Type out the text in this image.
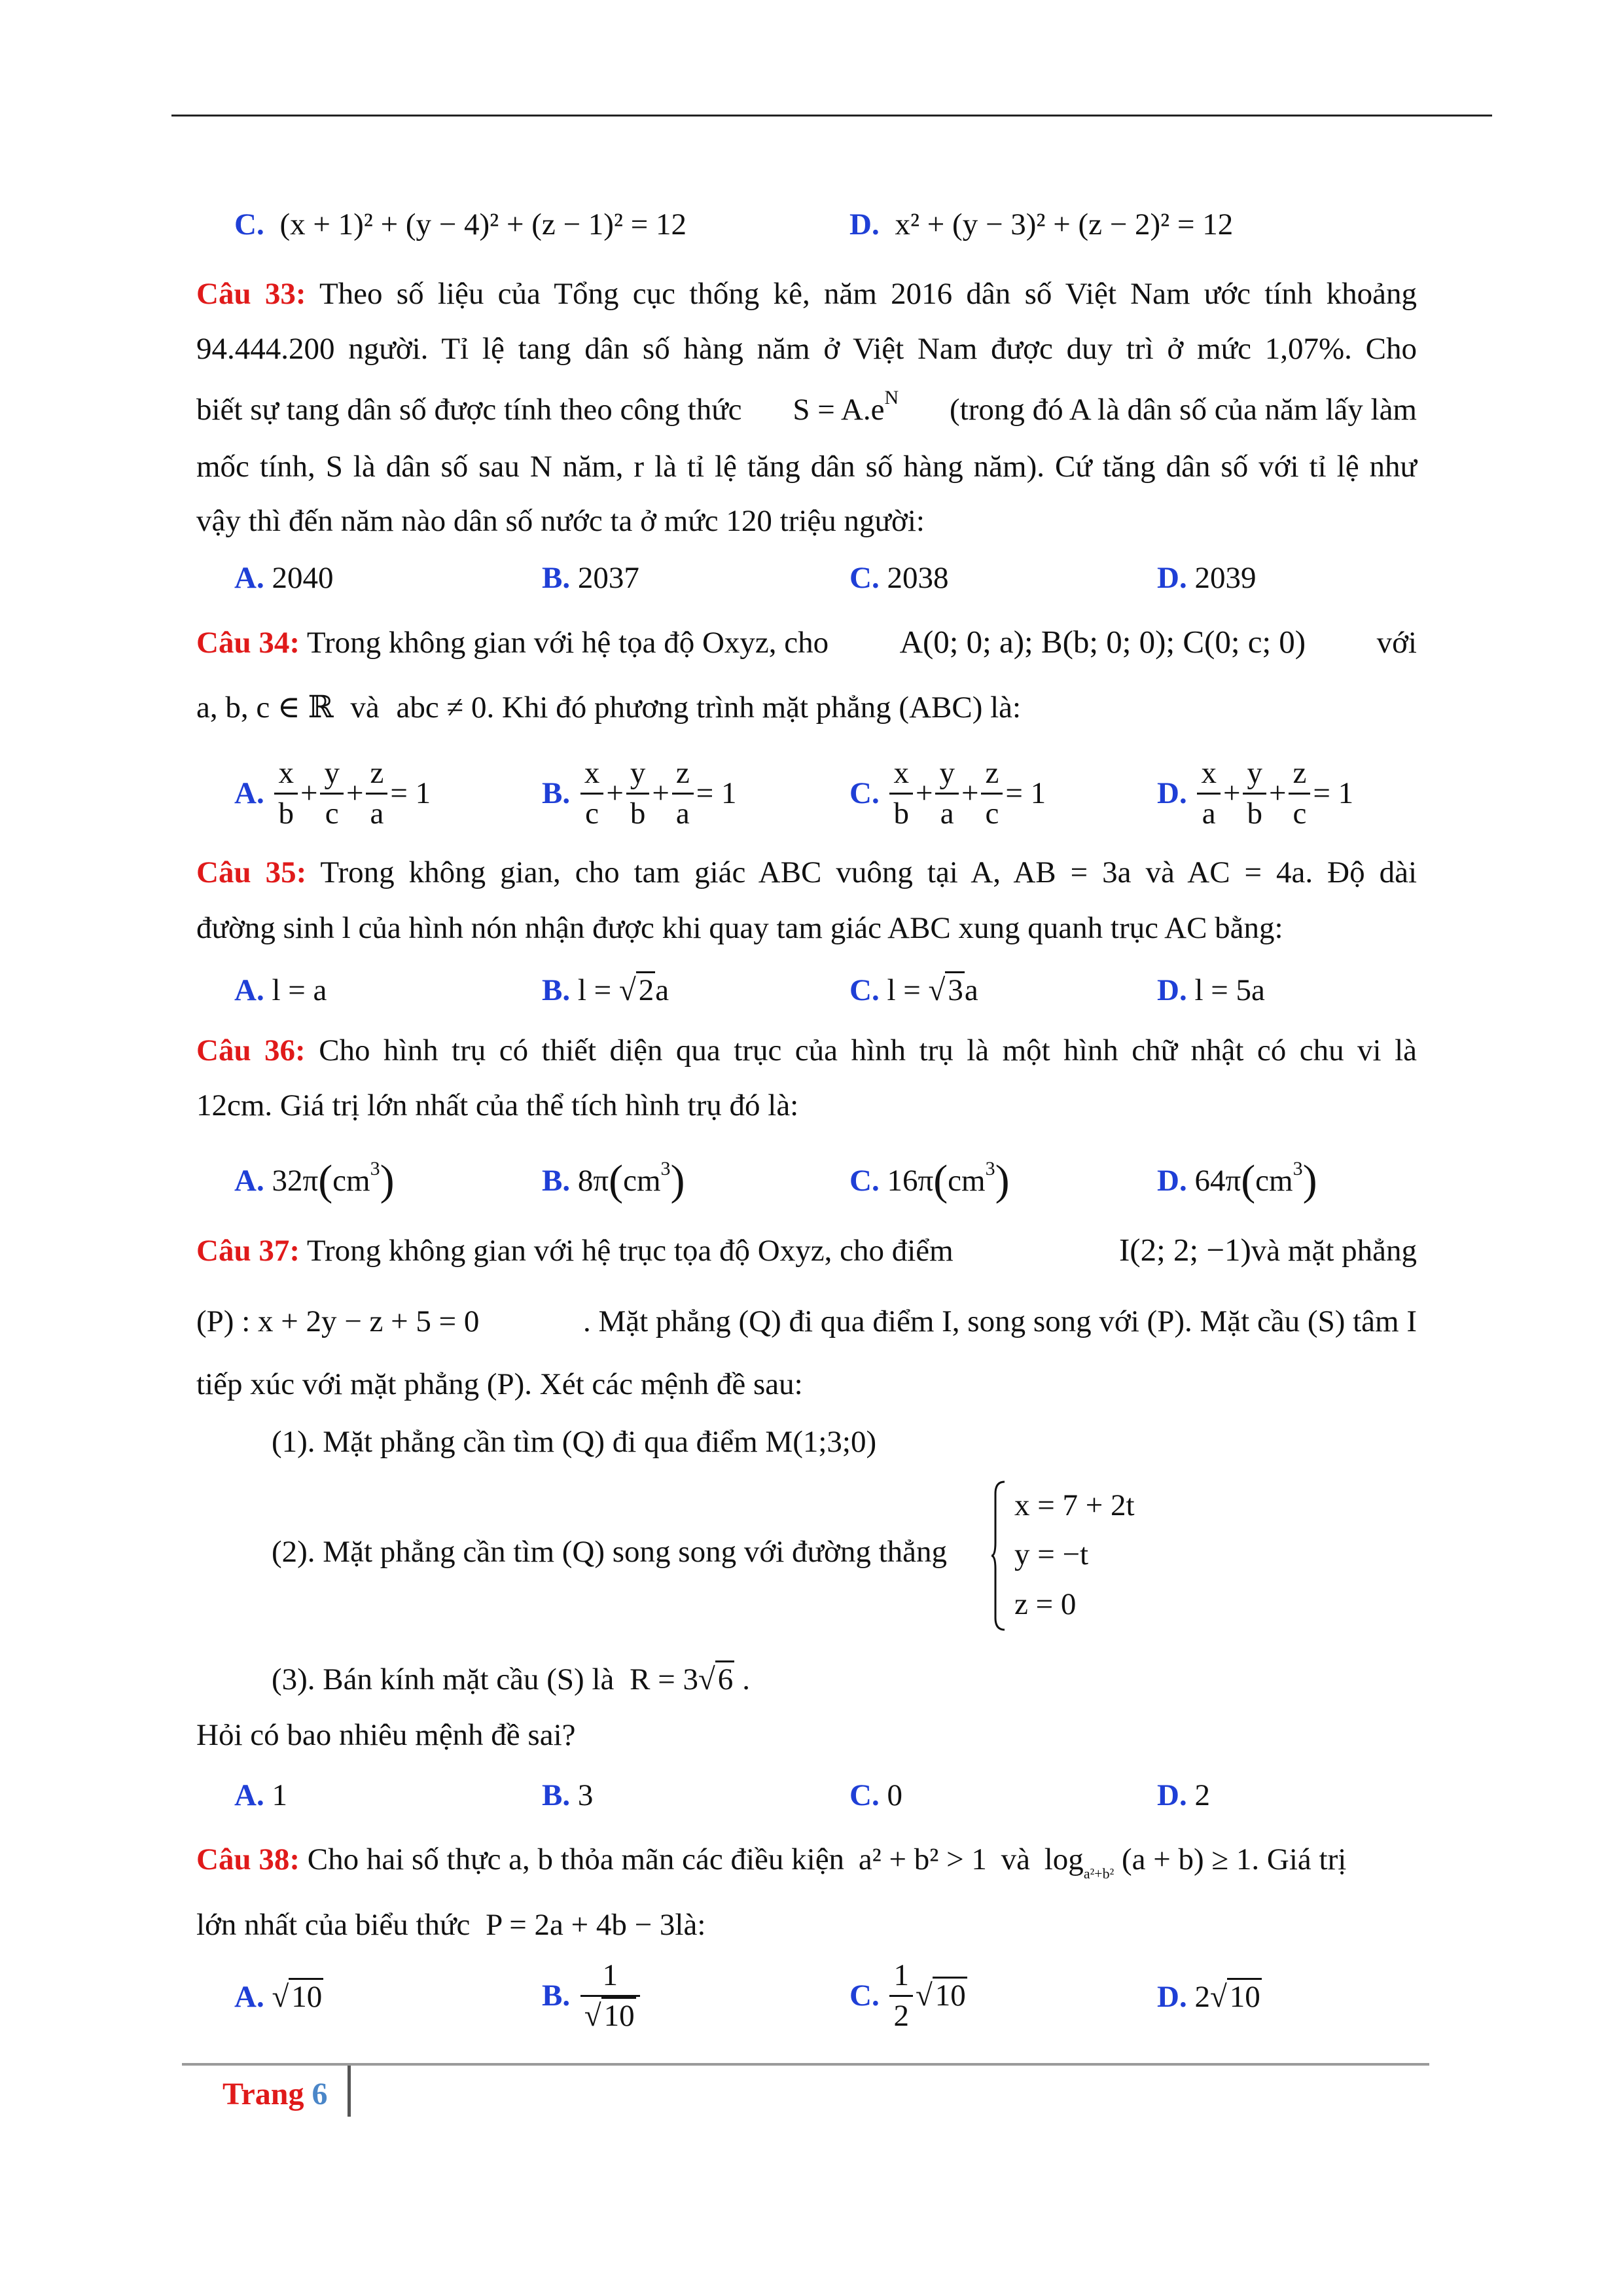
C. (x + 1)² + (y − 4)² + (z − 1)² = 12	D. x² + (y − 3)² + (z − 2)² = 12
Câu 33: Theo số liệu của Tổng cục thống kê, năm 2016 dân số Việt Nam ước tính khoảng
94.444.200 người. Tỉ lệ tang dân số hàng năm ở Việt Nam được duy trì ở mức 1,07%. Cho
biết sự tang dân số được tính theo công thức $S = A.e^N$ (trong đó A là dân số của năm lấy làm
mốc tính, S là dân số sau N năm, r là tỉ lệ tăng dân số hàng năm). Cứ tăng dân số với tỉ lệ như
vậy thì đến năm nào dân số nước ta ở mức 120 triệu người:
A. 2040	B. 2037	C. 2038	D. 2039
Câu 34: Trong không gian với hệ tọa độ Oxyz, cho A(0; 0; a); B(b; 0; 0); C(0; c; 0) với
a, b, c ∈ ℝ và abc ≠ 0. Khi đó phương trình mặt phẳng (ABC) là:
A. $\frac{x}{b} + \frac{y}{c} + \frac{z}{a} = 1$	B. $\frac{x}{c} + \frac{y}{b} + \frac{z}{a} = 1$	C. $\frac{x}{b} + \frac{y}{a} + \frac{z}{c} = 1$	D. $\frac{x}{a} + \frac{y}{b} + \frac{z}{c} = 1$
Câu 35: Trong không gian, cho tam giác ABC vuông tại A, AB = 3a và AC = 4a. Độ dài
đường sinh l của hình nón nhận được khi quay tam giác ABC xung quanh trục AC bằng:
A. l = a	B. l = √2a	C. l = √3a	D. l = 5a
Câu 36: Cho hình trụ có thiết diện qua trục của hình trụ là một hình chữ nhật có chu vi là
12cm. Giá trị lớn nhất của thể tích hình trụ đó là:
A. $32\pi(cm^3)$	B. $8\pi(cm^3)$	C. $16\pi(cm^3)$	D. $64\pi(cm^3)$
Câu 37: Trong không gian với hệ trục tọa độ Oxyz, cho điểm	I(2; 2; −1)và mặt phẳng
(P) : x + 2y − z + 5 = 0	. Mặt phẳng (Q) đi qua điểm I, song song với (P). Mặt cầu (S) tâm I
tiếp xúc với mặt phẳng (P). Xét các mệnh đề sau:
(1). Mặt phẳng cần tìm (Q) đi qua điểm M(1;3;0)
(2). Mặt phẳng cần tìm (Q) song song với đường thẳng
x = 7 + 2t
y = −t
z = 0
(3). Bán kính mặt cầu (S) là R = 3√6 .
Hỏi có bao nhiêu mệnh đề sai?
A. 1	B. 3	C. 0	D. 2
Câu 38: Cho hai số thực a, b thỏa mãn các điều kiện a² + b² > 1 và $\log_{a^2+b^2} (a + b) \ge 1$. Giá trị
lớn nhất của biểu thức P = 2a + 4b − 3là:
A. √10	B. $\frac{1}{√10}$	C. $\frac{1}{2} √10$	D. 2√10
Trang 6
